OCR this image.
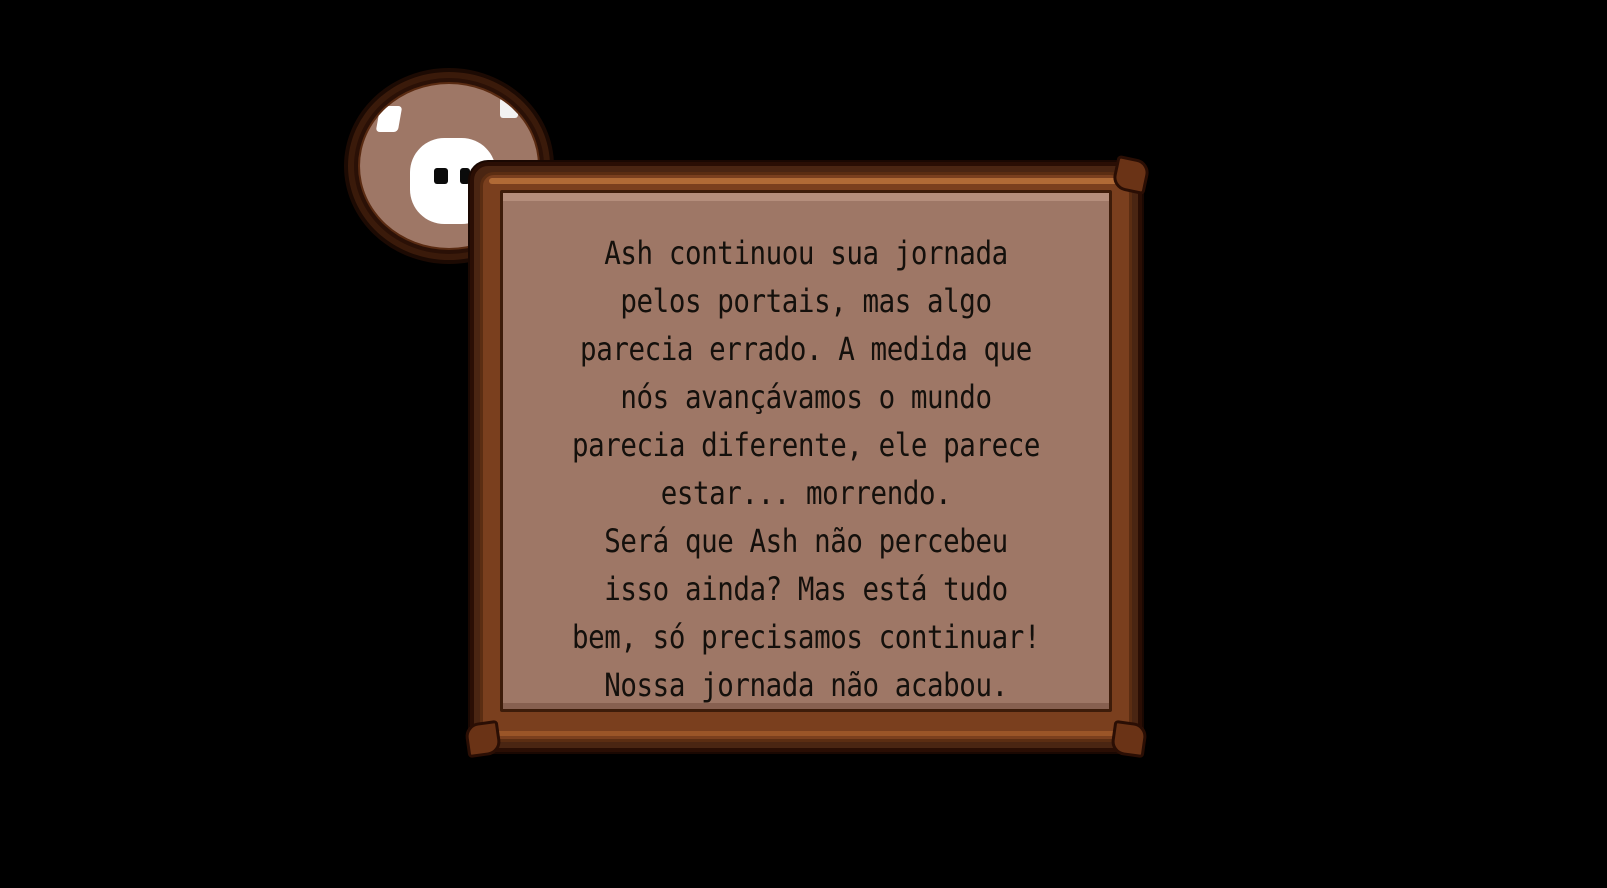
Ash continuou sua jornada
pelos portais, mas algo
parecia errado. A medida que
nós avançávamos o mundo
parecia diferente, ele parece
estar... morrendo.
Será que Ash não percebeu
isso ainda? Mas está tudo
bem, só precisamos continuar!
Nossa jornada não acabou.
